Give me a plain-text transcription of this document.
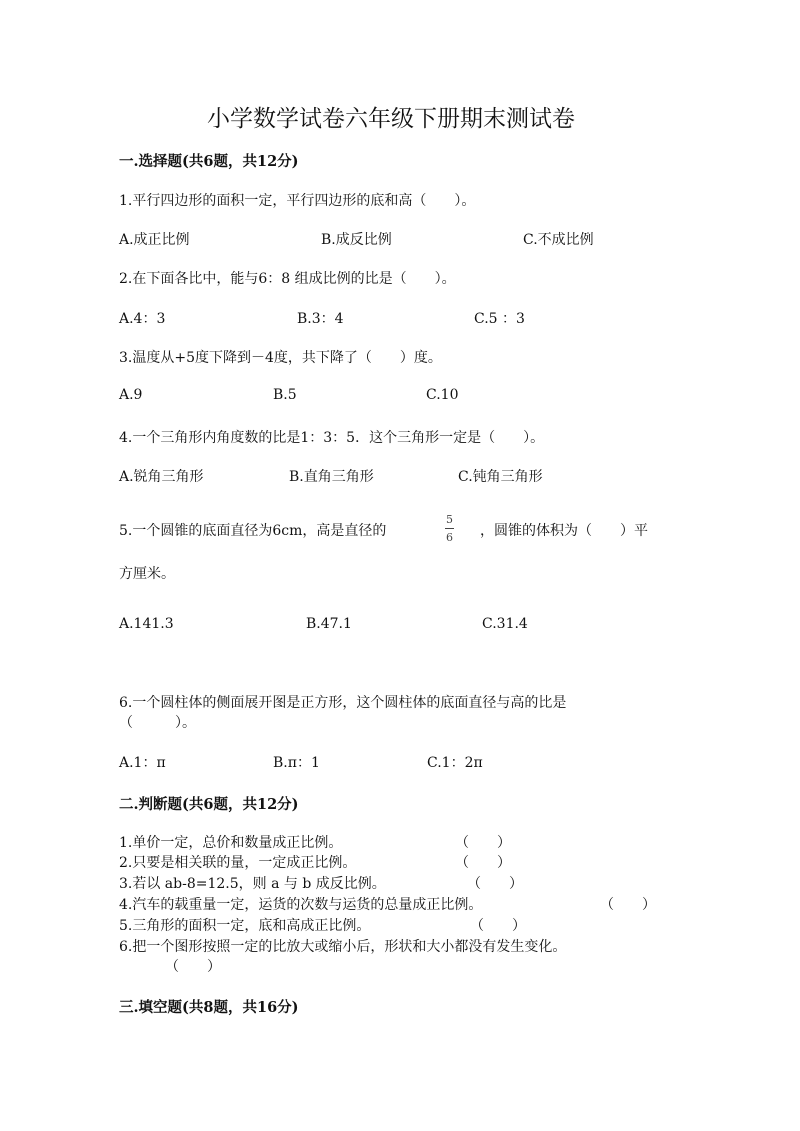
小学数学试卷六年级下册期末测试卷
一.选择题(共6题，共12分)
1.平行四边形的面积一定，平行四边形的底和高（　　）。
A.成正比例	B.成反比例	C.不成比例
2.在下面各比中，能与6：8 组成比例的比是（　　）。
A.4：3	B.3：4	C.5 ：3
3.温度从+5度下降到－4度，共下降了（　　）度。
A.9	B.5	C.10
4.一个三角形内角度数的比是1：3：5．这个三角形一定是（　　）。
A.锐角三角形	B.直角三角形	C.钝角三角形
5.一个圆锥的底面直径为6cm，高是直径的
5
6 ，圆锥的体积为（　　）平
方厘米。
A.141.3	B.47.1	C.31.4
6.一个圆柱体的侧面展开图是正方形，这个圆柱体的底面直径与高的比是
（　　　）。
A.1：π	B.π：1	C.1：2π
二.判断题(共6题，共12分)
1.单价一定，总价和数量成正比例。	（　　）
2.只要是相关联的量，一定成正比例。	（　　）
3.若以 ab-8=12.5，则 a 与 b 成反比例。	（　　）
4.汽车的载重量一定，运货的次数与运货的总量成正比例。	（　　）
5.三角形的面积一定，底和高成正比例。	（　　）
6.把一个图形按照一定的比放大或缩小后，形状和大小都没有发生变化。
（　　）
三.填空题(共8题，共16分)
